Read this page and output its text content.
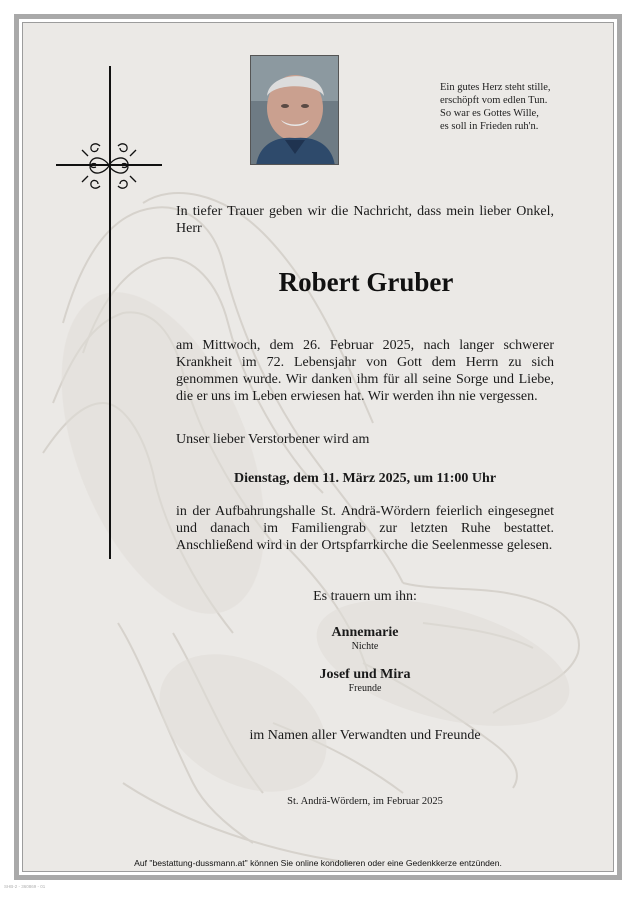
Ein gutes Herz steht stille,
erschöpft vom edlen Tun.
So war es Gottes Wille,
es soll in Frieden ruh'n.
In tiefer Trauer geben wir die Nachricht, dass mein lieber Onkel, Herr
Robert Gruber
am Mittwoch, dem 26. Februar 2025, nach langer schwerer Krankheit im 72. Lebensjahr von Gott dem Herrn zu sich genommen wurde. Wir danken ihm für all seine Sorge und Liebe, die er uns im Leben erwiesen hat. Wir werden ihn nie vergessen.
Unser lieber Verstorbener wird am
Dienstag, dem 11. März 2025, um 11:00 Uhr
in der Aufbahrungshalle St. Andrä-Wördern feierlich eingesegnet und danach im Familiengrab zur letzten Ruhe bestattet. Anschließend wird in der Ortspfarrkirche die Seelenmesse gelesen.
Es trauern um ihn:
Annemarie
Nichte
Josef und Mira
Freunde
im Namen aller Verwandten und Freunde
St. Andrä-Wördern, im Februar 2025
Auf "bestattung-dussmann.at" können Sie online kondolieren oder eine Gedenkkerze entzünden.
SHB-2 - 360869 - 01
